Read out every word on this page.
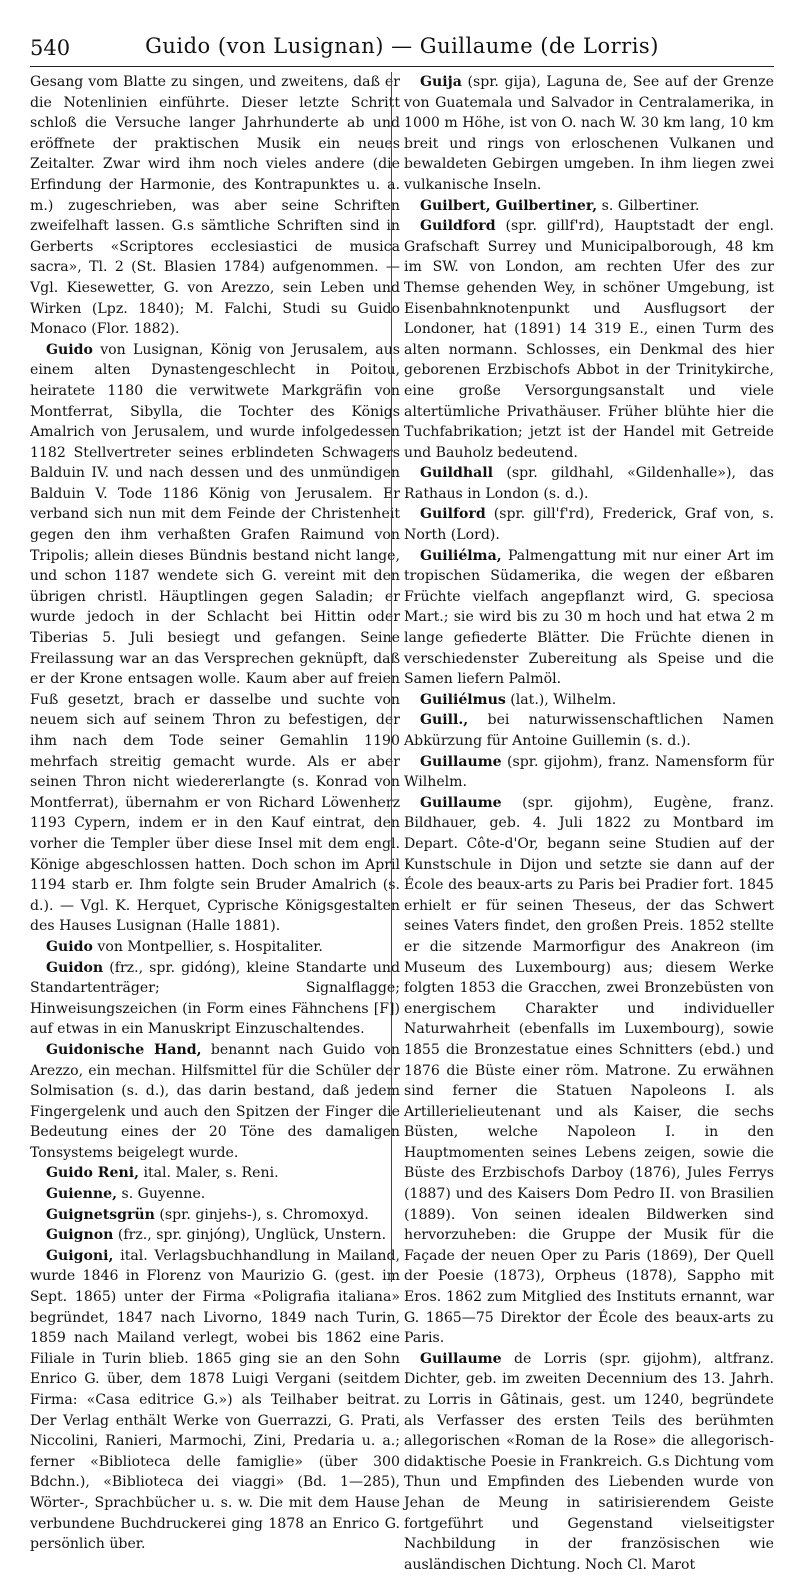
540	Guido (von Lusignan) — Guillaume (de Lorris)

Gesang vom Blatte zu singen, und zweitens, daß er die Notenlinien einführte. Dieser letzte Schritt schloß die Versuche langer Jahrhunderte ab und eröffnete der praktischen Musik ein neues Zeitalter. Zwar wird ihm noch vieles andere (die Erfindung der Harmonie, des Kontrapunktes u. a. m.) zugeschrieben, was aber seine Schriften zweifelhaft lassen. G.s sämtliche Schriften sind in Gerberts «Scriptores ecclesiastici de musica sacra», Tl. 2 (St. Blasien 1784) aufgenommen. — Vgl. Kiesewetter, G. von Arezzo, sein Leben und Wirken (Lpz. 1840); M. Falchi, Studi su Guido Monaco (Flor. 1882).

Guido von Lusignan, König von Jerusalem, aus einem alten Dynastengeschlecht in Poitou, heiratete 1180 die verwitwete Markgräfin von Montferrat, Sibylla, die Tochter des Königs Amalrich von Jerusalem, und wurde infolgedessen 1182 Stellvertreter seines erblindeten Schwagers Balduin IV. und nach dessen und des unmündigen Balduin V. Tode 1186 König von Jerusalem. Er verband sich nun mit dem Feinde der Christenheit gegen den ihm verhaßten Grafen Raimund von Tripolis; allein dieses Bündnis bestand nicht lange, und schon 1187 wendete sich G. vereint mit den übrigen christl. Häuptlingen gegen Saladin; er wurde jedoch in der Schlacht bei Hittin oder Tiberias 5. Juli besiegt und gefangen. Seine Freilassung war an das Versprechen geknüpft, daß er der Krone entsagen wolle. Kaum aber auf freien Fuß gesetzt, brach er dasselbe und suchte von neuem sich auf seinem Thron zu befestigen, der ihm nach dem Tode seiner Gemahlin 1190 mehrfach streitig gemacht wurde. Als er aber seinen Thron nicht wiedererlangte (s. Konrad von Montferrat), übernahm er von Richard Löwenherz 1193 Cypern, indem er in den Kauf eintrat, den vorher die Templer über diese Insel mit dem engl. Könige abgeschlossen hatten. Doch schon im April 1194 starb er. Ihm folgte sein Bruder Amalrich (s. d.). — Vgl. K. Herquet, Cyprische Königsgestalten des Hauses Lusignan (Halle 1881).

Guido von Montpellier, s. Hospitaliter.

Guidon (frz., spr. gidóng), kleine Standarte und Standartenträger; Signalflagge; Hinweisungszeichen (in Form eines Fähnchens [F]) auf etwas in ein Manuskript Einzuschaltendes.

Guidonische Hand, benannt nach Guido von Arezzo, ein mechan. Hilfsmittel für die Schüler der Solmisation (s. d.), das darin bestand, daß jedem Fingergelenk und auch den Spitzen der Finger die Bedeutung eines der 20 Töne des damaligen Tonsystems beigelegt wurde.

Guido Reni, ital. Maler, s. Reni.

Guienne, s. Guyenne.

Guignetsgrün (spr. ginjehs-), s. Chromoxyd.

Guignon (frz., spr. ginjóng), Unglück, Unstern.

Guigoni, ital. Verlagsbuchhandlung in Mailand, wurde 1846 in Florenz von Maurizio G. (gest. im Sept. 1865) unter der Firma «Poligrafia italiana» begründet, 1847 nach Livorno, 1849 nach Turin, 1859 nach Mailand verlegt, wobei bis 1862 eine Filiale in Turin blieb. 1865 ging sie an den Sohn Enrico G. über, dem 1878 Luigi Vergani (seitdem Firma: «Casa editrice G.») als Teilhaber beitrat. Der Verlag enthält Werke von Guerrazzi, G. Prati, Niccolini, Ranieri, Marmochi, Zini, Predaria u. a.; ferner «Biblioteca delle famiglie» (über 300 Bdchn.), «Biblioteca dei viaggi» (Bd. 1—285), Wörter-, Sprachbücher u. s. w. Die mit dem Hause verbundene Buchdruckerei ging 1878 an Enrico G. persönlich über.

Guija (spr. gija), Laguna de, See auf der Grenze von Guatemala und Salvador in Centralamerika, in 1000 m Höhe, ist von O. nach W. 30 km lang, 10 km breit und rings von erloschenen Vulkanen und bewaldeten Gebirgen umgeben. In ihm liegen zwei vulkanische Inseln.

Guilbert, Guilbertiner, s. Gilbertiner.

Guildford (spr. gillf'rd), Hauptstadt der engl. Grafschaft Surrey und Municipalborough, 48 km im SW. von London, am rechten Ufer des zur Themse gehenden Wey, in schöner Umgebung, ist Eisenbahnknotenpunkt und Ausflugsort der Londoner, hat (1891) 14 319 E., einen Turm des alten normann. Schlosses, ein Denkmal des hier geborenen Erzbischofs Abbot in der Trinitykirche, eine große Versorgungsanstalt und viele altertümliche Privathäuser. Früher blühte hier die Tuchfabrikation; jetzt ist der Handel mit Getreide und Bauholz bedeutend.

Guildhall (spr. gildhahl, «Gildenhalle»), das Rathaus in London (s. d.).

Guilford (spr. gill'f'rd), Frederick, Graf von, s. North (Lord).

Guiliélma, Palmengattung mit nur einer Art im tropischen Südamerika, die wegen der eßbaren Früchte vielfach angepflanzt wird, G. speciosa Mart.; sie wird bis zu 30 m hoch und hat etwa 2 m lange gefiederte Blätter. Die Früchte dienen in verschiedenster Zubereitung als Speise und die Samen liefern Palmöl.

Guiliélmus (lat.), Wilhelm.

Guill., bei naturwissenschaftlichen Namen Abkürzung für Antoine Guillemin (s. d.).

Guillaume (spr. gijohm), franz. Namensform für Wilhelm.

Guillaume (spr. gijohm), Eugène, franz. Bildhauer, geb. 4. Juli 1822 zu Montbard im Depart. Côte-d'Or, begann seine Studien auf der Kunstschule in Dijon und setzte sie dann auf der École des beaux-arts zu Paris bei Pradier fort. 1845 erhielt er für seinen Theseus, der das Schwert seines Vaters findet, den großen Preis. 1852 stellte er die sitzende Marmorfigur des Anakreon (im Museum des Luxembourg) aus; diesem Werke folgten 1853 die Gracchen, zwei Bronzebüsten von energischem Charakter und individueller Naturwahrheit (ebenfalls im Luxembourg), sowie 1855 die Bronzestatue eines Schnitters (ebd.) und 1876 die Büste einer röm. Matrone. Zu erwähnen sind ferner die Statuen Napoleons I. als Artillerielieutenant und als Kaiser, die sechs Büsten, welche Napoleon I. in den Hauptmomenten seines Lebens zeigen, sowie die Büste des Erzbischofs Darboy (1876), Jules Ferrys (1887) und des Kaisers Dom Pedro II. von Brasilien (1889). Von seinen idealen Bildwerken sind hervorzuheben: die Gruppe der Musik für die Façade der neuen Oper zu Paris (1869), Der Quell der Poesie (1873), Orpheus (1878), Sappho mit Eros. 1862 zum Mitglied des Instituts ernannt, war G. 1865—75 Direktor der École des beaux-arts zu Paris.

Guillaume de Lorris (spr. gijohm), altfranz. Dichter, geb. im zweiten Decennium des 13. Jahrh. zu Lorris in Gâtinais, gest. um 1240, begründete als Verfasser des ersten Teils des berühmten allegorischen «Roman de la Rose» die allegorisch-didaktische Poesie in Frankreich. G.s Dichtung vom Thun und Empfinden des Liebenden wurde von Jehan de Meung in satirisierendem Geiste fortgeführt und Gegenstand vielseitigster Nachbildung in der französischen wie ausländischen Dichtung. Noch Cl. Marot
